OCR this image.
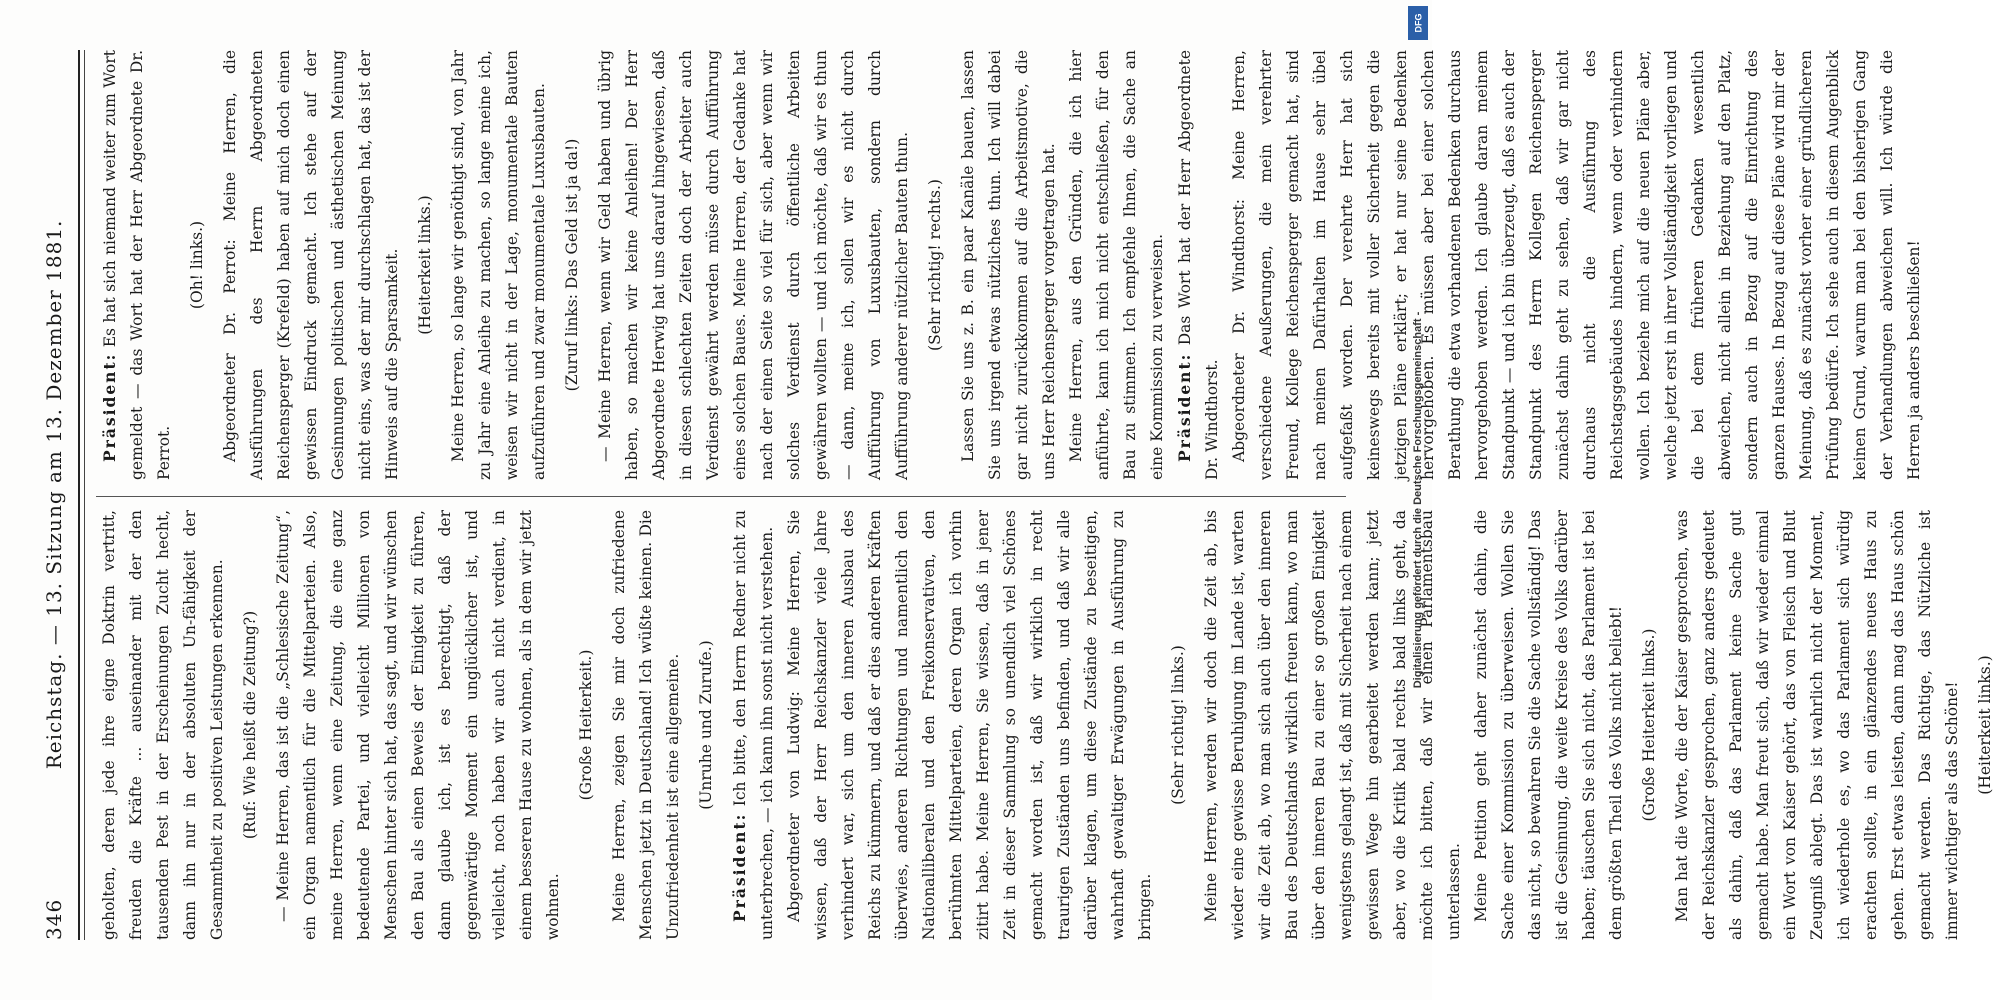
346
Reichstag. — 13. Sitzung am 13. Dezember 1881. geholten, deren jede ihre eigne Doktrin vertritt, freuden die Kräfte ... auseinander mit der den tausenden Pest in der Erscheinungen Zucht hecht, dann ihn nur in der absoluten Un-fähigkeit der Gesammtheit zu positiven Leistungen erkennen. (Ruf: Wie heißt die Zeitung?) — Meine Herren, das ist die „Schlesische Zeitung“, ein Organ namentlich für die Mittelparteien. Also, meine Herren, wenn eine Zeitung, die eine ganz bedeutende Partei, und vielleicht Millionen von Menschen hinter sich hat, das sagt, und wir wünschen den Bau als einen Beweis der Einigkeit zu führen, dann glaube ich, ist es berechtigt, daß der gegenwärtige Moment ein unglücklicher ist, und vielleicht, noch haben wir auch nicht verdient, in einem besseren Hause zu wohnen, als in dem wir jetzt wohnen.

(Große Heiterkeit.) Meine Herren, zeigen Sie mir doch zufriedene Menschen jetzt in Deutschland! Ich wüßte keinen. Die Unzufriedenheit ist eine allgemeine. (Unruhe und Zurufe.)

Präsident: Ich bitte, den Herrn Redner nicht zu unterbrechen, — ich kann ihn sonst nicht verstehen. Abgeordneter von Ludwig: Meine Herren, Sie wissen, daß der Herr Reichskanzler viele Jahre verhindert war, sich um den inneren Ausbau des Reichs zu kümmern, und daß er dies anderen Kräften überwies, anderen Richtungen und namentlich den Nationalliberalen und den Freikonservativen, den berühmten Mittelparteien, deren Organ ich vorhin zitirt habe. Meine Herren, Sie wissen, daß in jener Zeit in dieser Sammlung so unendlich viel Schönes gemacht worden ist, daß wir wirklich in recht traurigen Zuständen uns befinden, und daß wir alle darüber klagen, um diese Zustände zu beseitigen, wahrhaft gewaltiger Erwägungen in Ausführung zu bringen.

(Sehr richtig! links.) Meine Herren, werden wir doch die Zeit ab, bis wieder eine gewisse Beruhigung im Lande ist, warten wir die Zeit ab, wo man sich auch über den inneren Bau des Deutschlands wirklich freuen kann, wo man über den inneren Bau zu einer so großen Einigkeit wenigstens gelangt ist, daß mit Sicherheit nach einem gewissen Wege hin gearbeitet werden kann; jetzt aber, wo die Kritik bald rechts bald links geht, da möchte ich bitten, daß wir einen Parlamentsbau unterlassen. Meine Petition geht daher zunächst dahin, die Sache einer Kommission zu überweisen. Wollen Sie das nicht, so bewahren Sie die Sache vollständig! Das ist die Gesinnung, die weite Kreise des Volks darüber haben; täuschen Sie sich nicht, das Parlament ist bei dem größten Theil des Volks nicht beliebt! (Große Heiterkeit links.) Man hat die Worte, die der Kaiser gesprochen, was der Reichskanzler gesprochen, ganz anders gedeutet als dahin, daß das Parlament keine Sache gut gemacht habe. Man freut sich, daß wir wieder einmal ein Wort von Kaiser gehört, das von Fleisch und Blut Zeugniß ablegt. Das ist wahrlich nicht der Moment, ich wiederhole es, wo das Parlament sich würdig erachten sollte, in ein glänzendes neues Haus zu gehen. Erst etwas leisten, dann mag das Haus schön gemacht werden. Das Richtige, das Nützliche ist immer wichtiger als das Schöne! (Heiterkeit links.)

Präsident: Es hat sich niemand weiter zum Wort gemeldet — das Wort hat der Herr Abgeordnete Dr. Perrot.

(Oh! links.) Abgeordneter Dr. Perrot: Meine Herren, die Ausführungen des Herrn Abgeordneten Reichensperger (Krefeld) haben auf mich doch einen gewissen Eindruck gemacht. Ich stehe auf der Gesinnungen politischen und ästhetischen Meinung nicht eins, was der mir durchschlagen hat, das ist der Hinweis auf die Sparsamkeit. (Heiterkeit links.) Meine Herren, so lange wir genöthigt sind, von Jahr zu Jahr eine Anleihe zu machen, so lange meine ich, weisen wir nicht in der Lage, monumentale Bauten aufzuführen und zwar monumentale Luxusbauten. (Zuruf links: Das Geld ist ja da!) — Meine Herren, wenn wir Geld haben und übrig haben, so machen wir keine Anleihen! Der Herr Abgeordnete Herwig hat uns darauf hingewiesen, daß in diesen schlechten Zeiten doch der Arbeiter auch Verdienst gewährt werden müsse durch Aufführung eines solchen Baues. Meine Herren, der Gedanke hat nach der einen Seite so viel für sich, aber wenn wir solches Verdienst durch öffentliche Arbeiten gewähren wollten — und ich möchte, daß wir es thun — dann, meine ich, sollen wir es nicht durch Aufführung von Luxusbauten, sondern durch Aufführung anderer nützlicher Bauten thun. (Sehr richtig! rechts.) Lassen Sie uns z. B. ein paar Kanäle bauen, lassen Sie uns irgend etwas nützliches thun. Ich will dabei gar nicht zurückkommen auf die Arbeitsmotive, die uns Herr Reichensperger vorgetragen hat. Meine Herren, aus den Gründen, die ich hier anführte, kann ich mich nicht entschließen, für den Bau zu stimmen. Ich empfehle Ihnen, die Sache an eine Kommission zu verweisen. Präsident: Das Wort hat der Herr Abgeordnete Dr. Windthorst. Abgeordneter Dr. Windthorst: Meine Herren, verschiedene Aeußerungen, die mein verehrter Freund, Kollege Reichensperger gemacht hat, sind nach meinen Dafürhalten im Hause sehr übel aufgefaßt worden. Der verehrte Herr hat sich keineswegs bereits mit voller Sicherheit gegen die jetzigen Pläne erklärt; er hat nur seine Bedenken hervorgehoben. Es müssen aber bei einer solchen Berathung die etwa vorhandenen Bedenken durchaus hervorgehoben werden. Ich glaube daran meinem Standpunkt — und ich bin überzeugt, daß es auch der Standpunkt des Herrn Kollegen Reichensperger zunächst dahin geht zu sehen, daß wir gar nicht durchaus nicht die Ausführung des Reichstagsgebäudes hindern, wenn oder verhindern wollen. Ich beziehe mich auf die neuen Pläne aber, welche jetzt erst in ihrer Vollständigkeit vorliegen und die bei dem früheren Gedanken wesentlich abweichen, nicht allein in Beziehung auf den Platz, sondern auch in Bezug auf die Einrichtung des ganzen Hauses. In Bezug auf diese Pläne wird mir der Meinung, daß es zunächst vorher einer gründlicheren Prüfung bedürfe. Ich sehe auch in diesem Augenblick keinen Grund, warum man bei den bisherigen Gang der Verhandlungen abweichen will. Ich würde die Herren ja anders beschließen!

DFG
Digitalisierung gefördert durch die Deutsche Forschungsgemeinschaft -
